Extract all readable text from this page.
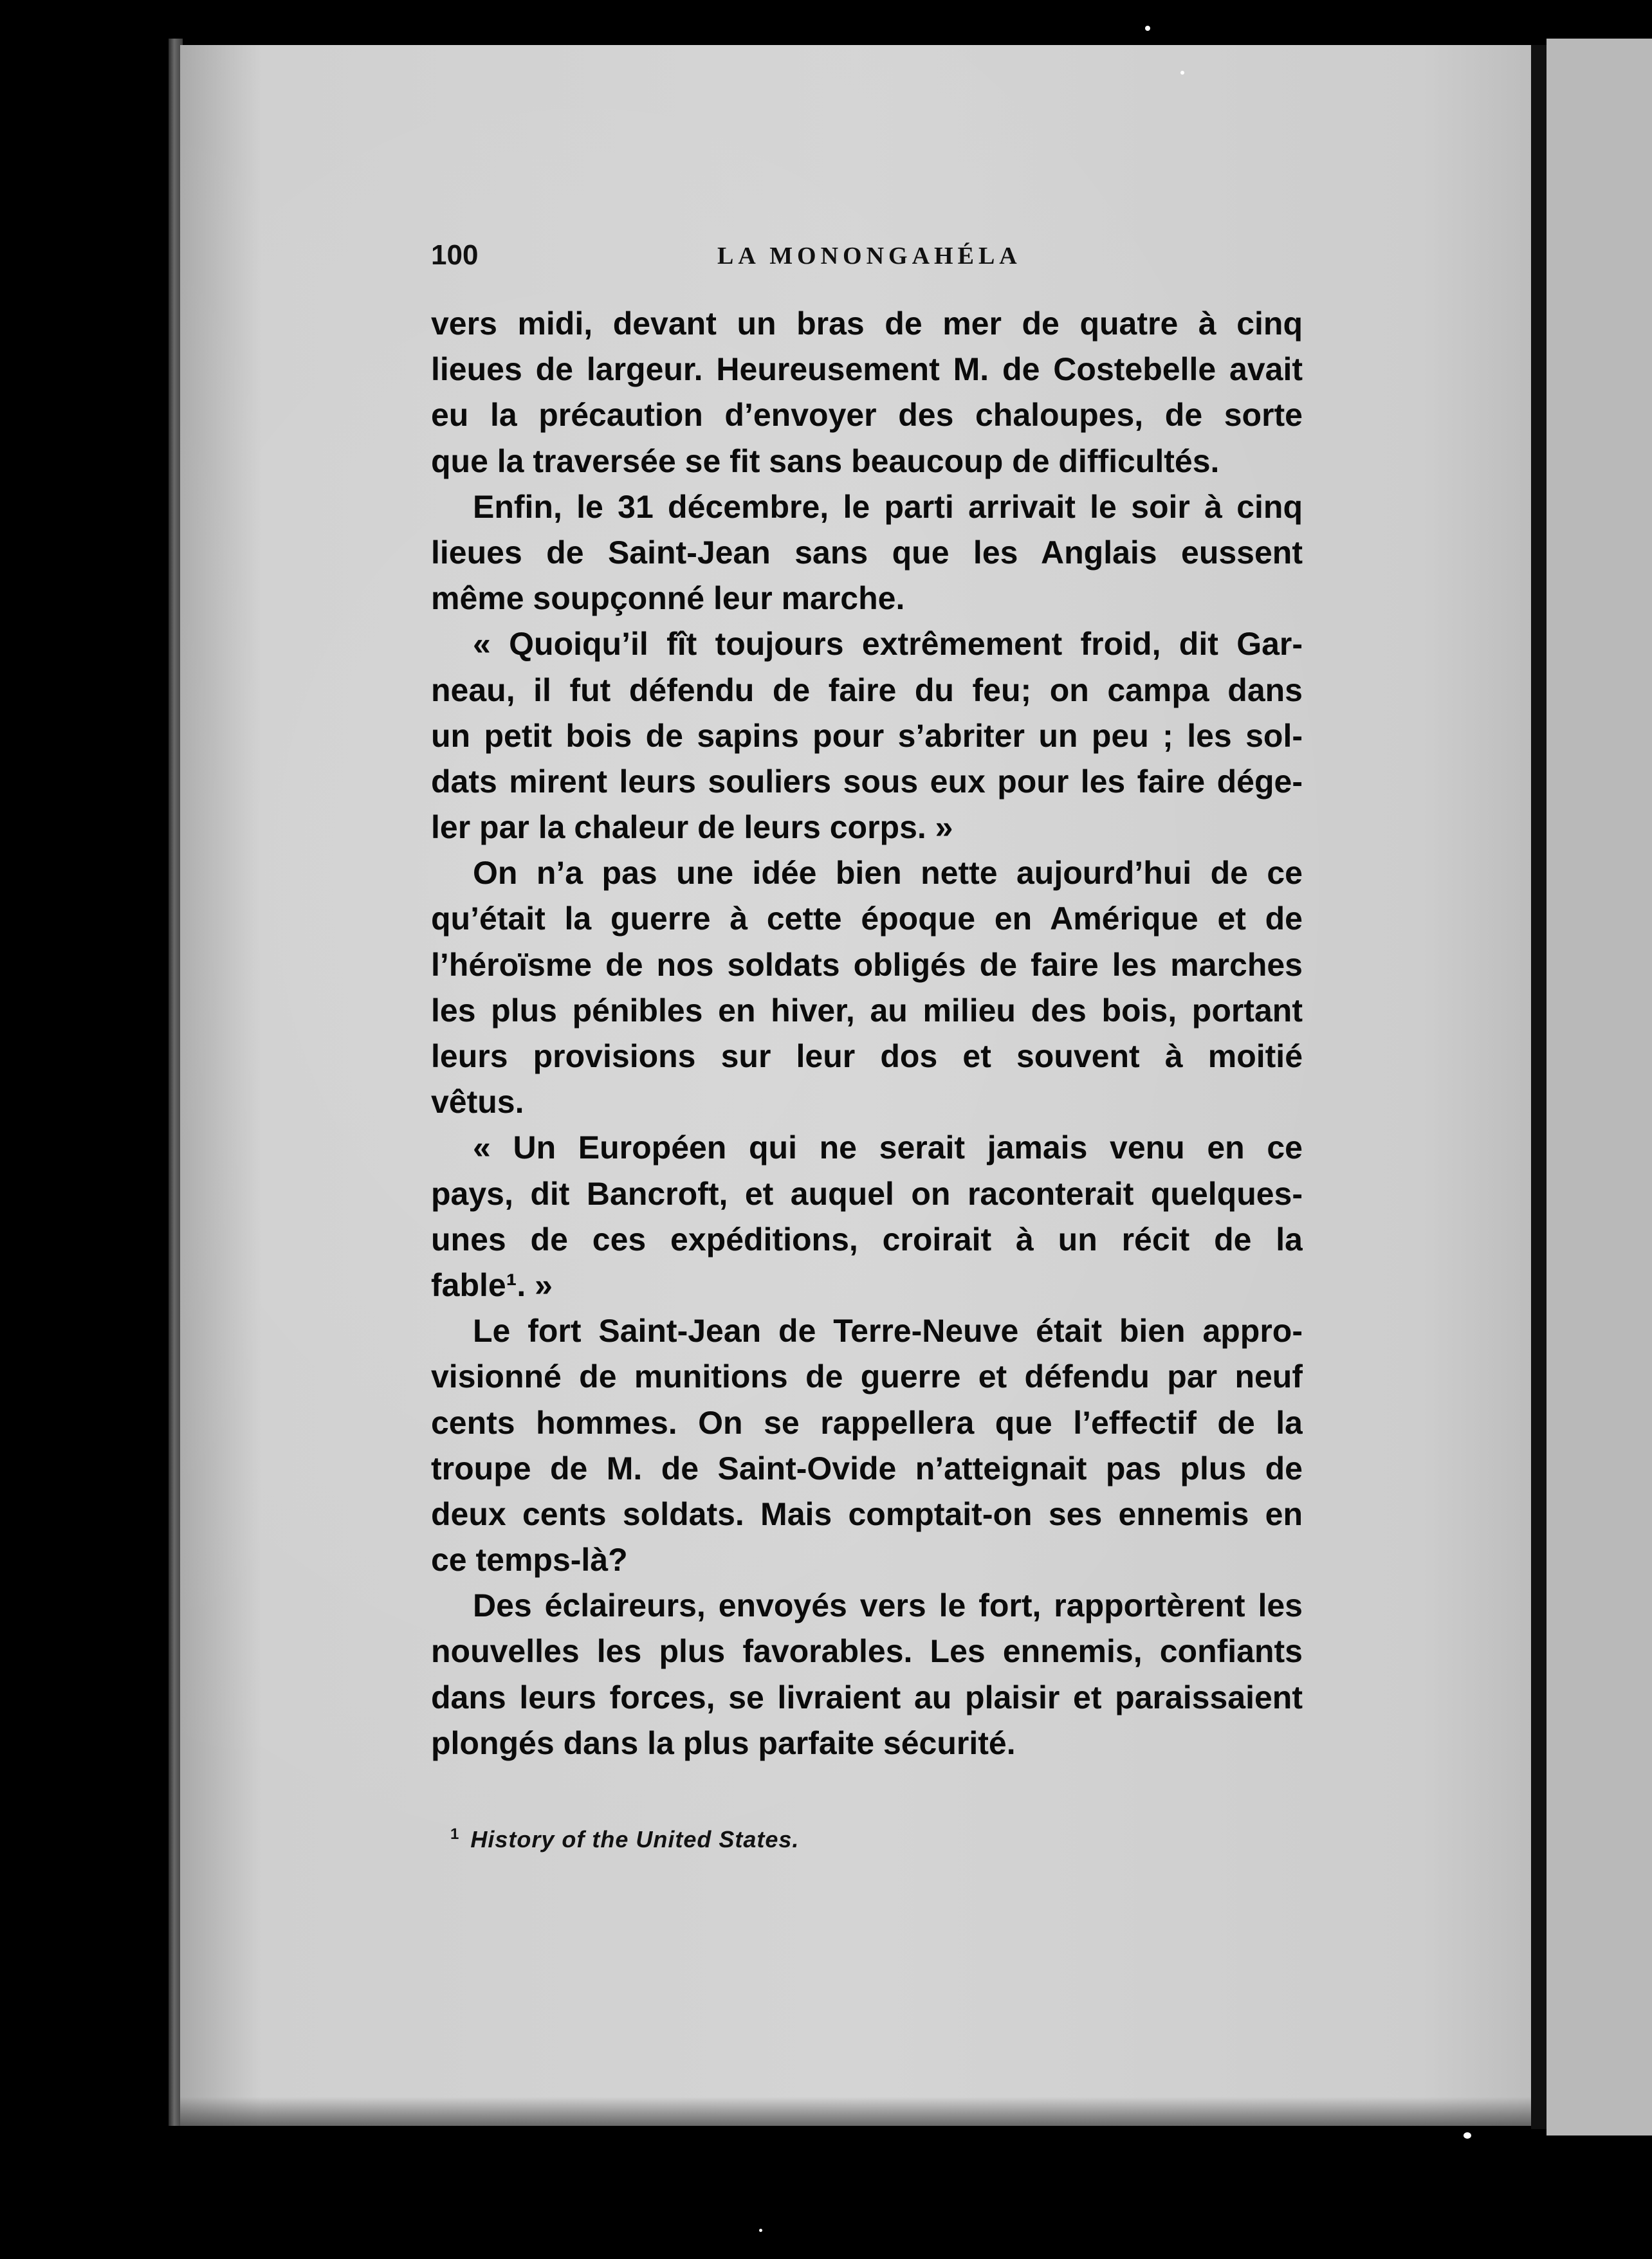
100	LA MONONGAHÉLA
vers midi, devant un bras de mer de quatre à cinq
lieues de largeur. Heureusement M. de Costebelle avait
eu la précaution d’envoyer des chaloupes, de sorte
que la traversée se fit sans beaucoup de difficultés.
Enfin, le 31 décembre, le parti arrivait le soir à cinq
lieues de Saint-Jean sans que les Anglais eussent
même soupçonné leur marche.
« Quoiqu’il fît toujours extrêmement froid, dit Gar-
neau, il fut défendu de faire du feu; on campa dans
un petit bois de sapins pour s’abriter un peu ; les sol-
dats mirent leurs souliers sous eux pour les faire dége-
ler par la chaleur de leurs corps. »
On n’a pas une idée bien nette aujourd’hui de ce
qu’était la guerre à cette époque en Amérique et de
l’héroïsme de nos soldats obligés de faire les marches
les plus pénibles en hiver, au milieu des bois, portant
leurs provisions sur leur dos et souvent à moitié
vêtus.
« Un Européen qui ne serait jamais venu en ce
pays, dit Bancroft, et auquel on raconterait quelques-
unes de ces expéditions, croirait à un récit de la
fable¹. »
Le fort Saint-Jean de Terre-Neuve était bien appro-
visionné de munitions de guerre et défendu par neuf
cents hommes. On se rappellera que l’effectif de la
troupe de M. de Saint-Ovide n’atteignait pas plus de
deux cents soldats. Mais comptait-on ses ennemis en
ce temps-là?
Des éclaireurs, envoyés vers le fort, rapportèrent les
nouvelles les plus favorables. Les ennemis, confiants
dans leurs forces, se livraient au plaisir et paraissaient
plongés dans la plus parfaite sécurité.
$^1$ History of the United States.
